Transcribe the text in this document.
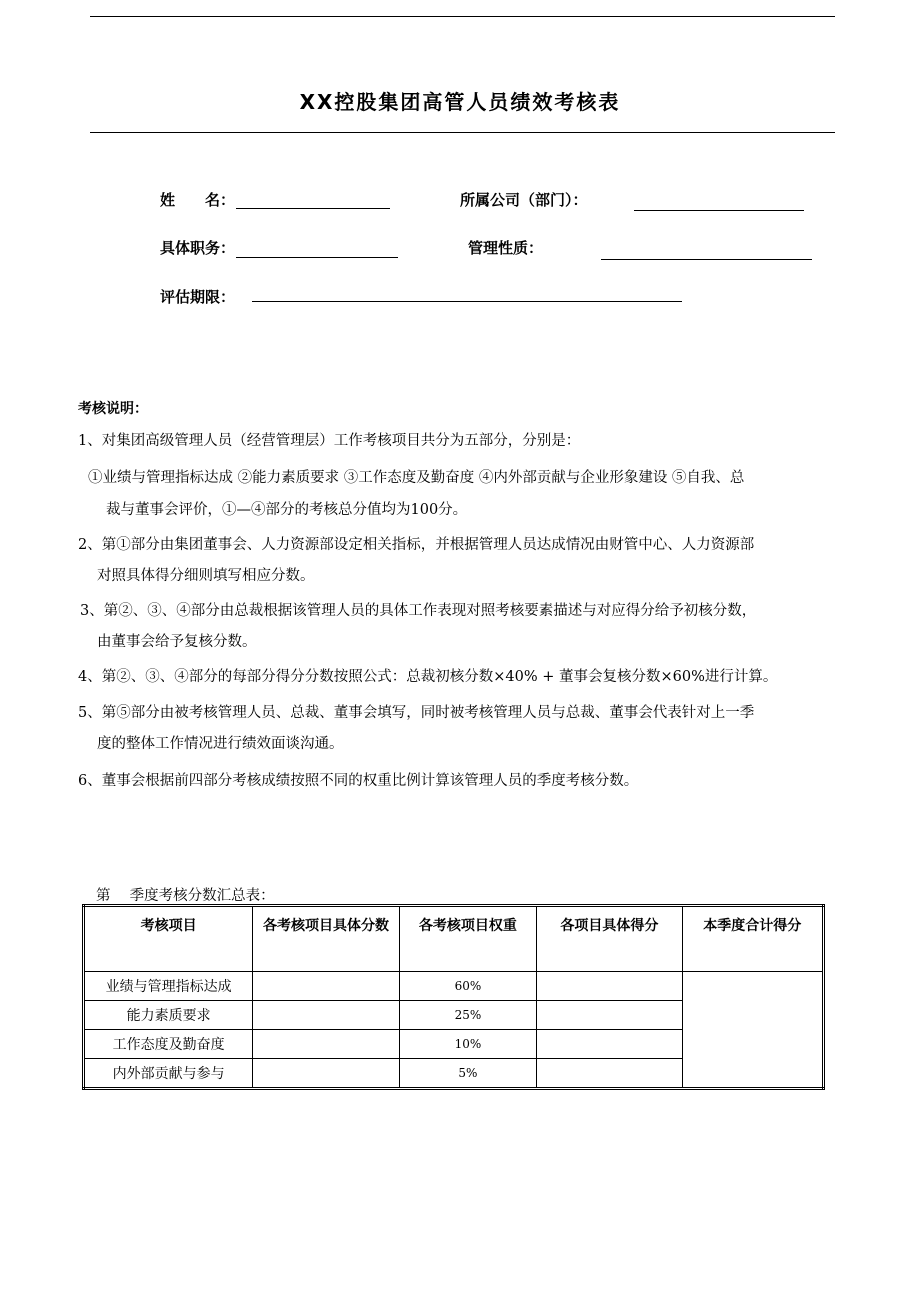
XX控股集团高管人员绩效考核表
姓　　名：	所属公司（部门）：
具体职务：	管理性质：
评估期限：
考核说明：
1、对集团高级管理人员（经营管理层）工作考核项目共分为五部分，分别是：
①业绩与管理指标达成 ②能力素质要求 ③工作态度及勤奋度 ④内外部贡献与企业形象建设 ⑤自我、总
裁与董事会评价，①—④部分的考核总分值均为100分。
2、第①部分由集团董事会、人力资源部设定相关指标，并根据管理人员达成情况由财管中心、人力资源部
对照具体得分细则填写相应分数。
3、第②、③、④部分由总裁根据该管理人员的具体工作表现对照考核要素描述与对应得分给予初核分数，
由董事会给予复核分数。
4、第②、③、④部分的每部分得分分数按照公式：总裁初核分数×40% + 董事会复核分数×60%进行计算。
5、第⑤部分由被考核管理人员、总裁、董事会填写，同时被考核管理人员与总裁、董事会代表针对上一季
度的整体工作情况进行绩效面谈沟通。
6、董事会根据前四部分考核成绩按照不同的权重比例计算该管理人员的季度考核分数。
第　 季度考核分数汇总表：
考核项目	各考核项目具体分数	各考核项目权重	各项目具体得分	本季度合计得分
业绩与管理指标达成		60%		
能力素质要求		25%		
工作态度及勤奋度		10%		
内外部贡献与参与		5%		
